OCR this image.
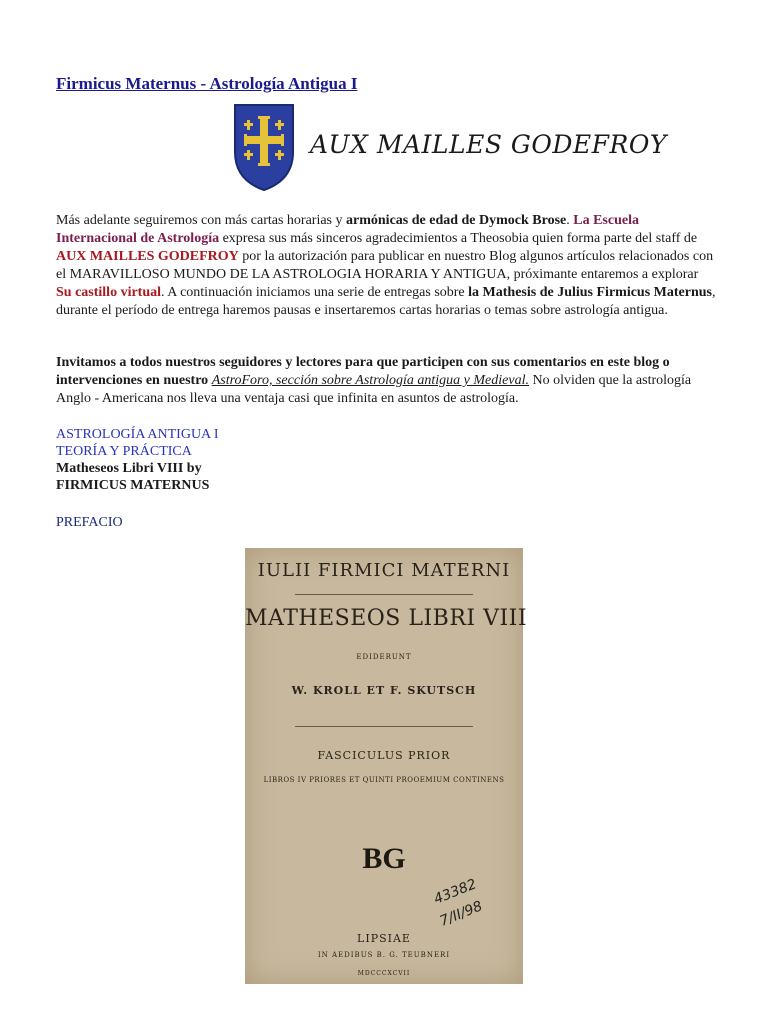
Firmicus Maternus - Astrología Antigua I
AUX MAILLES GODEFROY
Más adelante seguiremos con más cartas horarias y armónicas de edad de Dymock Brose. La Escuela Internacional de Astrología expresa sus más sinceros agradecimientos a Theosobia quien forma parte del staff de AUX MAILLES GODEFROY por la autorización para publicar en nuestro Blog algunos artículos relacionados con el MARAVILLOSO MUNDO DE LA ASTROLOGIA HORARIA Y ANTIGUA, próximante entaremos a explorar Su castillo virtual. A continuación iniciamos una serie de entregas sobre la Mathesis de Julius Firmicus Maternus, durante el período de entrega haremos pausas e insertaremos cartas horarias o temas sobre astrología antigua.
Invitamos a todos nuestros seguidores y lectores para que participen con sus comentarios en este blog o intervenciones en nuestro AstroForo, sección sobre Astrología antigua y Medieval. No olviden que la astrología Anglo - Americana nos lleva una ventaja casi que infinita en asuntos de astrología.
ASTROLOGÍA ANTIGUA I
TEORÍA Y PRÁCTICA
Matheseos Libri VIII by
FIRMICUS MATERNUS
PREFACIO
IULII FIRMICI MATERNI
MATHESEOS LIBRI VIII
EDIDERUNT
W. KROLL ET F. SKUTSCH
FASCICULUS PRIOR
LIBROS IV PRIORES ET QUINTI PROOEMIUM CONTINENS
BG
43382
7/II/98
LIPSIAE
IN AEDIBUS B. G. TEUBNERI
MDCCCXCVII
